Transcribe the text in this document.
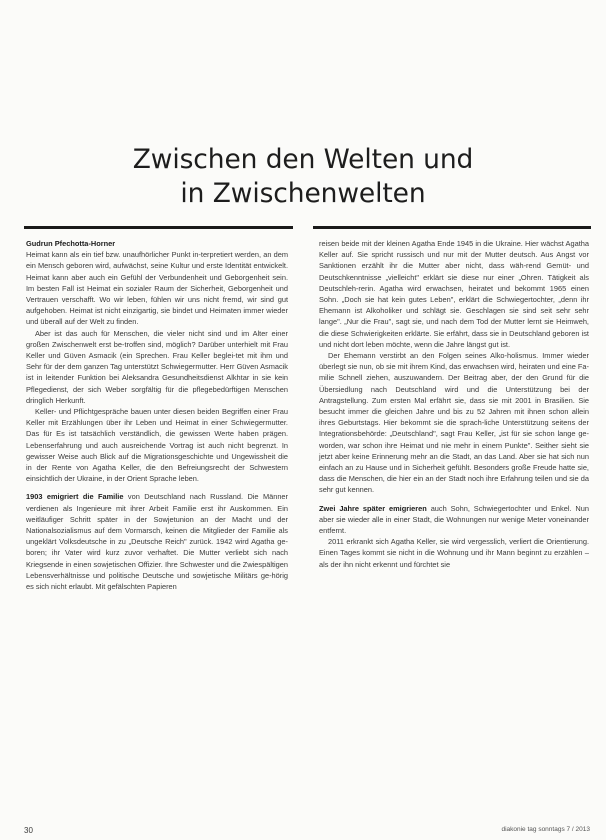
Zwischen den Welten und
in Zwischenwelten

Gudrun Pfechotta-Horner

Heimat kann als ein tief bzw. unaufhörlicher Punkt in-terpretiert werden, an dem ein Mensch geboren wird, aufwächst, seine Kultur und erste Identität entwickelt. Heimat kann aber auch ein Gefühl der Verbundenheit und Geborgenheit sein. Im besten Fall ist Heimat ein sozialer Raum der Sicherheit, Geborgenheit und Vertrauen verschafft. Wo wir leben, fühlen wir uns nicht fremd, wir sind gut aufgehoben. Heimat ist nicht einzigartig, sie bindet und Heimaten immer wieder und überall auf der Welt zu finden.

Aber ist das auch für Menschen, die vieler nicht sind und im Alter einer großen Zwischenwelt erst be-troffen sind, möglich? Darüber unterhielt mit Frau Keller und Güven Asmacik (ein Sprechen. Frau Keller beglei-tet mit ihm und Sehr für der dem ganzen Tag unterstützt Schwiegermutter. Herr Güven Asmacik ist in leitender Funktion bei Aleksandra Gesundheitsdienst Alkhtar in sie kein Pflegedienst, der sich Weber sorgfältig für die pflegebedürftigen Menschen dringlich Herkunft.

Keller- und Pflichtgespräche bauen unter diesen beiden Begriffen einer Frau Keller mit Erzählungen über ihr Leben und Heimat in einer Schwiegermutter. Das für Es ist tatsächlich verständlich, die gewissen Werte haben prägen. Lebenserfahrung und auch ausreichende Vortrag ist auch nicht begrenzt. In gewisser Weise auch Blick auf die Migrationsgeschichte und Ungewissheit die in der Rente von Agatha Keller, die den Befreiungsrecht der Schwestern einsichtlich der Ukraine, in der Orient Sprache leben.

1903 emigriert die Familie von Deutschland nach Russland. Die Männer verdienen als Ingenieure mit ihrer Arbeit Familie erst ihr Auskommen. Ein weitläufiger Schritt später in der Sowjetunion an der Macht und der Nationalsozialismus auf dem Vormarsch, keinen die Mitglieder der Familie als ungeklärt Volksdeutsche in zu „Deutsche Reich" zurück. 1942 wird Agatha ge-boren; ihr Vater wird kurz zuvor verhaftet. Die Mutter verliebt sich nach Kriegsende in einen sowjetischen Offizier. Ihre Schwester und die Zwiespältigen Lebensverhältnisse und politische Deutsche und sowjetische Militärs ge-hörig es sich nicht erlaubt. Mit gefälschten Papieren

reisen beide mit der kleinen Agatha Ende 1945 in die Ukraine. Hier wächst Agatha Keller auf. Sie spricht russisch und nur mit der Mutter deutsch. Aus Angst vor Sanktionen erzählt ihr die Mutter aber nicht, dass wäh-rend Gemüt- und Deutschkenntnisse „vielleicht" erklärt sie diese nur einer „Ohren. Tätigkeit als Deutschleh-rerin. Agatha wird erwachsen, heiratet und bekommt 1965 einen Sohn. „Doch sie hat kein gutes Leben", erklärt die Schwiegertochter, „denn ihr Ehemann ist Alkoholiker und schlägt sie. Geschlagen sie sind seit sehr sehr lange". „Nur die Frau", sagt sie, und nach dem Tod der Mutter lernt sie Heimweh, die diese Schwierigkeiten erklärte. Sie erfährt, dass sie in Deutschland geboren ist und nicht dort leben möchte, wenn die Jahre längst gut ist.

Der Ehemann verstirbt an den Folgen seines Alko-holismus. Immer wieder überlegt sie nun, ob sie mit ihrem Kind, das erwachsen wird, heiraten und eine Fa-milie Schnell ziehen, auszuwandern. Der Beitrag aber, der den Grund für die Übersiedlung nach Deutschland wird und die Unterstützung bei der Antragstellung. Zum ersten Mal erfährt sie, dass sie mit 2001 in Brasilien. Sie besucht immer die gleichen Jahre und bis zu 52 Jahren mit ihnen schon allein ihres Geburtstags. Hier bekommt sie die sprach-liche Unterstützung seitens der Integrationsbehörde: „Deutschland", sagt Frau Keller, „ist für sie schon lange ge-worden, war schon ihre Heimat und nie mehr in einem Punkte". Seither sieht sie jetzt aber keine Erinnerung mehr an die Stadt, an das Land. Aber sie hat sich nun einfach an zu Hause und in Sicherheit gefühlt. Besonders große Freude hatte sie, dass die Menschen, die hier ein an der Stadt noch ihre Erfahrung teilen und sie da sehr gut kennen.

Zwei Jahre später emigrieren auch Sohn, Schwiegertochter und Enkel. Nun aber sie wieder alle in einer Stadt, die Wohnungen nur wenige Meter voneinander entfernt.

2011 erkrankt sich Agatha Keller, sie wird vergesslich, verliert die Orientierung. Einen Tages kommt sie nicht in die Wohnung und ihr Mann beginnt zu erzählen – als der ihn nicht erkennt und fürchtet sie

30	diakonie tag sonntags 7 / 2013
